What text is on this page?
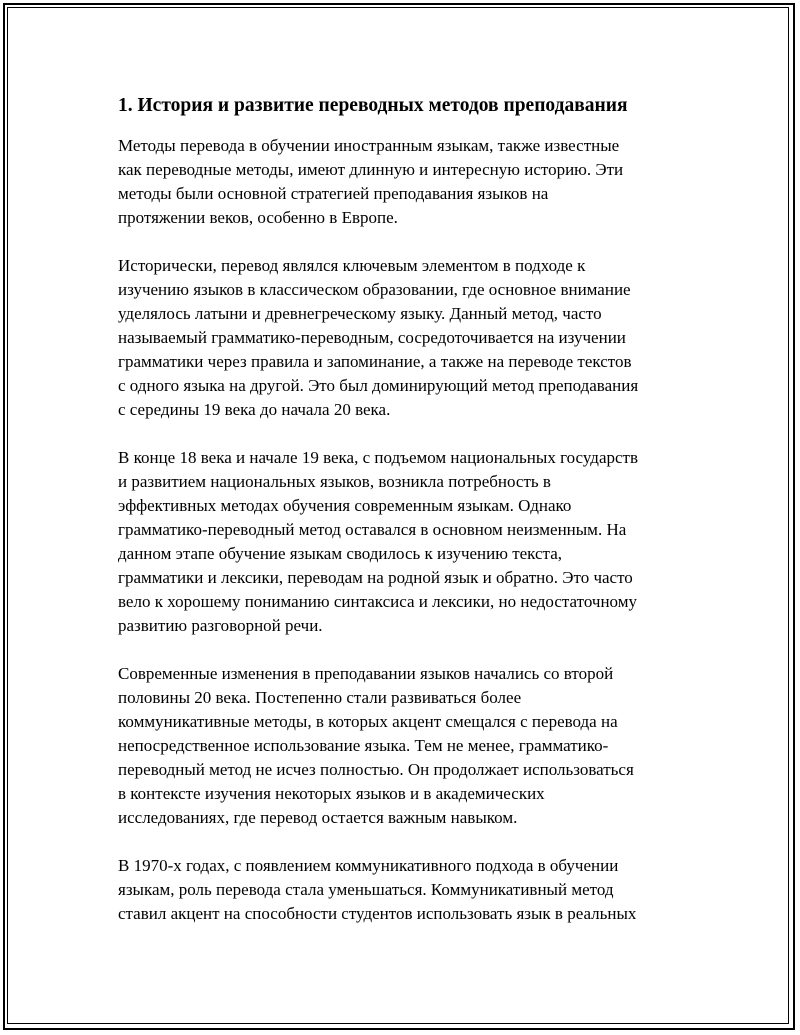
1. История и развитие переводных методов преподавания

Методы перевода в обучении иностранным языкам, также известные
как переводные методы, имеют длинную и интересную историю. Эти
методы были основной стратегией преподавания языков на
протяжении веков, особенно в Европе.

Исторически, перевод являлся ключевым элементом в подходе к
изучению языков в классическом образовании, где основное внимание
уделялось латыни и древнегреческому языку. Данный метод, часто
называемый грамматико-переводным, сосредоточивается на изучении
грамматики через правила и запоминание, а также на переводе текстов
с одного языка на другой. Это был доминирующий метод преподавания
с середины 19 века до начала 20 века.

В конце 18 века и начале 19 века, с подъемом национальных государств
и развитием национальных языков, возникла потребность в
эффективных методах обучения современным языкам. Однако
грамматико-переводный метод оставался в основном неизменным. На
данном этапе обучение языкам сводилось к изучению текста,
грамматики и лексики, переводам на родной язык и обратно. Это часто
вело к хорошему пониманию синтаксиса и лексики, но недостаточному
развитию разговорной речи.

Современные изменения в преподавании языков начались со второй
половины 20 века. Постепенно стали развиваться более
коммуникативные методы, в которых акцент смещался с перевода на
непосредственное использование языка. Тем не менее, грамматико-
переводный метод не исчез полностью. Он продолжает использоваться
в контексте изучения некоторых языков и в академических
исследованиях, где перевод остается важным навыком.

В 1970-х годах, с появлением коммуникативного подхода в обучении
языкам, роль перевода стала уменьшаться. Коммуникативный метод
ставил акцент на способности студентов использовать язык в реальных
